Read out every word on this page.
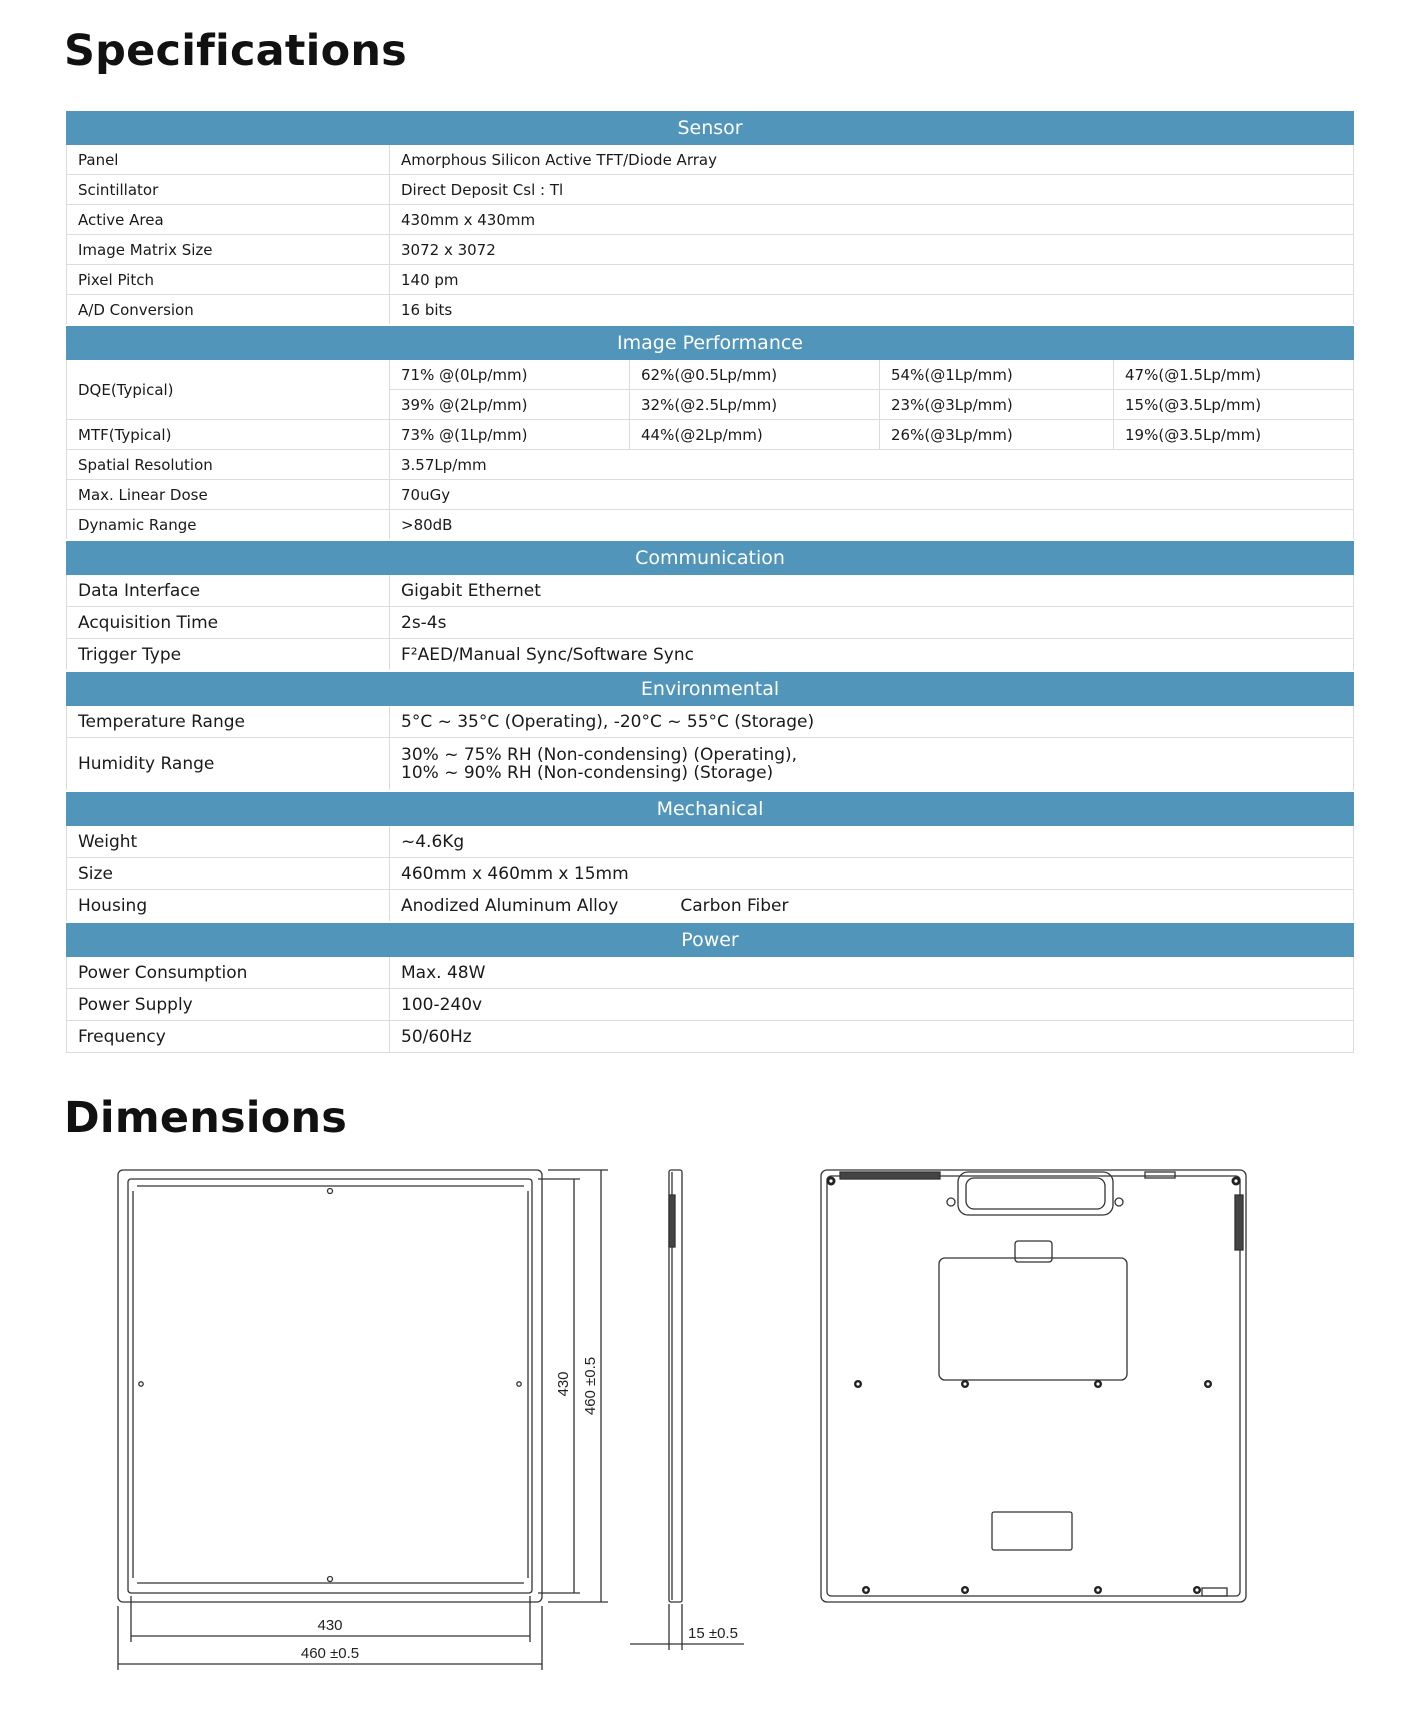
Specifications
Sensor				
Panel	Amorphous Silicon Active TFT/Diode Array			
Scintillator	Direct Deposit Csl : Tl			
Active Area	430mm x 430mm			
Image Matrix Size	3072 x 3072			
Pixel Pitch	140 pm			
A/D Conversion	16 bits			
Image Performance				
DQE(Typical)	71% @(0Lp/mm)	62%(@0.5Lp/mm)	54%(@1Lp/mm)	47%(@1.5Lp/mm)
	39% @(2Lp/mm)	32%(@2.5Lp/mm)	23%(@3Lp/mm)	15%(@3.5Lp/mm)
MTF(Typical)	73% @(1Lp/mm)	44%(@2Lp/mm)	26%(@3Lp/mm)	19%(@3.5Lp/mm)
Spatial Resolution	3.57Lp/mm			
Max. Linear Dose	70uGy			
Dynamic Range	>80dB			
Communication				
Data Interface	Gigabit Ethernet			
Acquisition Time	2s-4s			
Trigger Type	F²AED/Manual Sync/Software Sync			
Environmental				
Temperature Range	5°C ~ 35°C (Operating), -20°C ~ 55°C (Storage)			
Humidity Range	30% ~ 75% RH (Non-condensing) (Operating),
10% ~ 90% RH (Non-condensing) (Storage)			

Mechanical				
Weight	~4.6Kg			
Size	460mm x 460mm x 15mm			
Housing	Anodized Aluminum Alloy Carbon Fiber			
Power				
Power Consumption	Max. 48W			
Power Supply	100-240v			
Frequency	50/60Hz			
Dimensions
430
460 ±0.5
430 460 ±0.5
15 ±0.5
